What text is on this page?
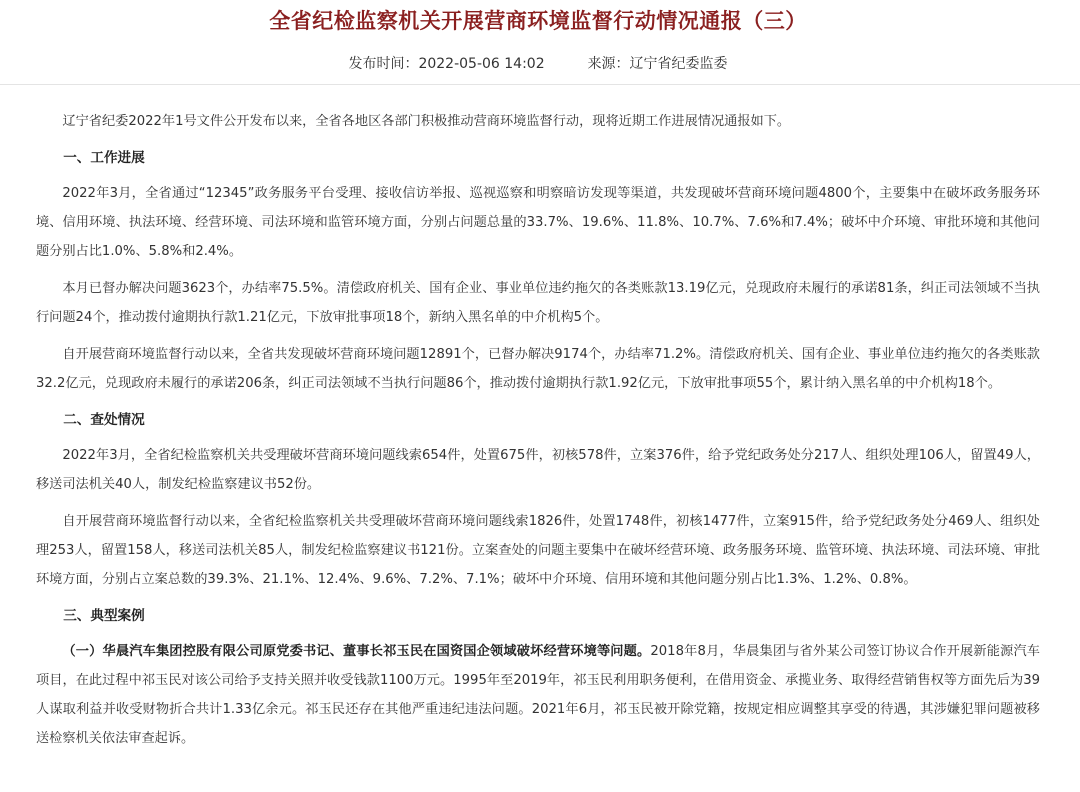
全省纪检监察机关开展营商环境监督行动情况通报（三）
发布时间：2022-05-06 14:02	来源：辽宁省纪委监委

辽宁省纪委2022年1号文件公开发布以来，全省各地区各部门积极推动营商环境监督行动，现将近期工作进展情况通报如下。

一、工作进展

2022年3月，全省通过“12345”政务服务平台受理、接收信访举报、巡视巡察和明察暗访发现等渠道，共发现破坏营商环境问题4800个，主要集中在破坏政务服务环境、信用环境、执法环境、经营环境、司法环境和监管环境方面，分别占问题总量的33.7%、19.6%、11.8%、10.7%、7.6%和7.4%；破坏中介环境、审批环境和其他问题分别占比1.0%、5.8%和2.4%。

本月已督办解决问题3623个，办结率75.5%。清偿政府机关、国有企业、事业单位违约拖欠的各类账款13.19亿元，兑现政府未履行的承诺81条，纠正司法领域不当执行问题24个，推动拨付逾期执行款1.21亿元，下放审批事项18个，新纳入黑名单的中介机构5个。

自开展营商环境监督行动以来，全省共发现破坏营商环境问题12891个，已督办解决9174个，办结率71.2%。清偿政府机关、国有企业、事业单位违约拖欠的各类账款32.2亿元，兑现政府未履行的承诺206条，纠正司法领域不当执行问题86个，推动拨付逾期执行款1.92亿元，下放审批事项55个，累计纳入黑名单的中介机构18个。

二、查处情况

2022年3月，全省纪检监察机关共受理破坏营商环境问题线索654件，处置675件，初核578件，立案376件，给予党纪政务处分217人、组织处理106人，留置49人，移送司法机关40人，制发纪检监察建议书52份。

自开展营商环境监督行动以来，全省纪检监察机关共受理破坏营商环境问题线索1826件，处置1748件，初核1477件，立案915件，给予党纪政务处分469人、组织处理253人，留置158人，移送司法机关85人，制发纪检监察建议书121份。立案查处的问题主要集中在破坏经营环境、政务服务环境、监管环境、执法环境、司法环境、审批环境方面，分别占立案总数的39.3%、21.1%、12.4%、9.6%、7.2%、7.1%；破坏中介环境、信用环境和其他问题分别占比1.3%、1.2%、0.8%。

三、典型案例

（一）华晨汽车集团控股有限公司原党委书记、董事长祁玉民在国资国企领域破坏经营环境等问题。2018年8月，华晨集团与省外某公司签订协议合作开展新能源汽车项目，在此过程中祁玉民对该公司给予支持关照并收受钱款1100万元。1995年至2019年，祁玉民利用职务便利，在借用资金、承揽业务、取得经营销售权等方面先后为39人谋取利益并收受财物折合共计1.33亿余元。祁玉民还存在其他严重违纪违法问题。2021年6月，祁玉民被开除党籍，按规定相应调整其享受的待遇，其涉嫌犯罪问题被移送检察机关依法审查起诉。
